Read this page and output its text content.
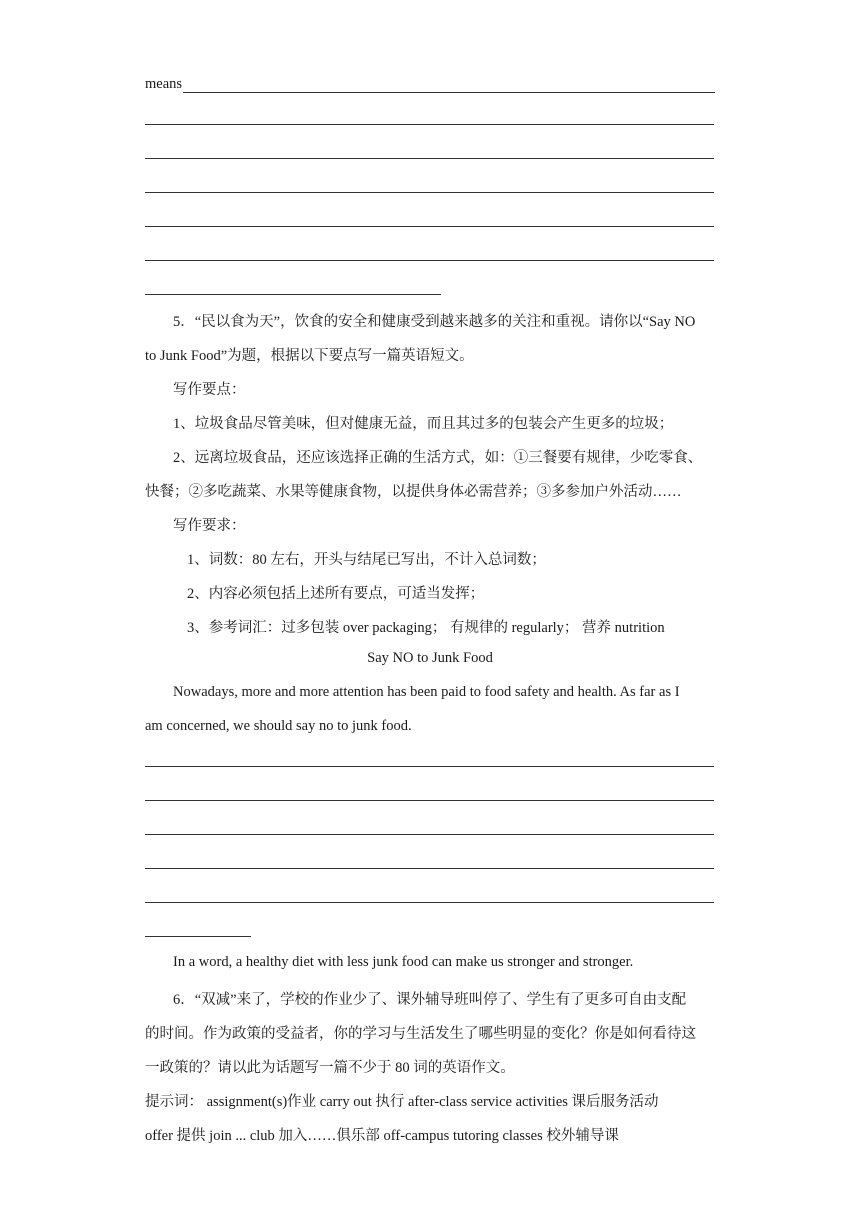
means
5．“民以食为天”，饮食的安全和健康受到越来越多的关注和重视。请你以“Say NO
to Junk Food”为题，根据以下要点写一篇英语短文。
写作要点：
1、垃圾食品尽管美味，但对健康无益，而且其过多的包装会产生更多的垃圾；
2、远离垃圾食品，还应该选择正确的生活方式，如：①三餐要有规律，少吃零食、
快餐；②多吃蔬菜、水果等健康食物，以提供身体必需营养；③多参加户外活动……
写作要求：
1、词数：80 左右，开头与结尾已写出，不计入总词数；
2、内容必须包括上述所有要点，可适当发挥；
3、参考词汇：过多包装 over packaging； 有规律的 regularly； 营养 nutrition
Say NO to Junk Food
Nowadays, more and more attention has been paid to food safety and health. As far as I
am concerned, we should say no to junk food.
In a word, a healthy diet with less junk food can make us stronger and stronger.
6．“双减”来了，学校的作业少了、课外辅导班叫停了、学生有了更多可自由支配
的时间。作为政策的受益者，你的学习与生活发生了哪些明显的变化？你是如何看待这
一政策的？请以此为话题写一篇不少于 80 词的英语作文。
提示词： assignment(s)作业 carry out 执行 after-class service activities 课后服务活动
offer 提供 join ... club 加入……俱乐部 off-campus tutoring classes 校外辅导课
